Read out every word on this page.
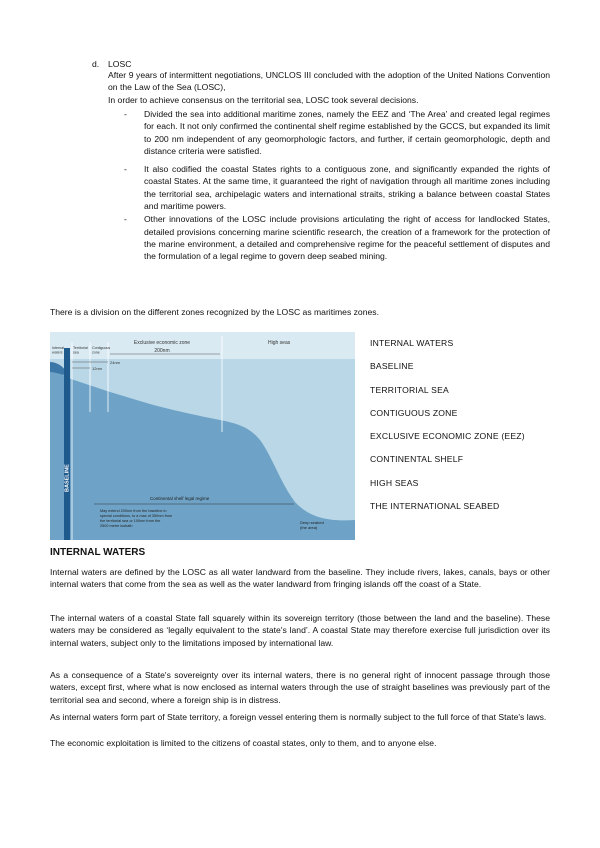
d. LOSC
After 9 years of intermittent negotiations, UNCLOS III concluded with the adoption of the United Nations Convention on the Law of the Sea (LOSC),
In order to achieve consensus on the territorial sea, LOSC took several decisions.
- Divided the sea into additional maritime zones, namely the EEZ and ‘The Area’ and created legal regimes for each. It not only confirmed the continental shelf regime established by the GCCS, but expanded its limit to 200 nm independent of any geomorphologic factors, and further, if certain geomorphologic, depth and distance criteria were satisfied.
- It also codified the coastal States rights to a contiguous zone, and significantly expanded the rights of coastal States. At the same time, it guaranteed the right of navigation through all maritime zones including the territorial sea, archipelagic waters and international straits, striking a balance between coastal States and maritime powers.
- Other innovations of the LOSC include provisions articulating the right of access for landlocked States, detailed provisions concerning marine scientific research, the creation of a framework for the protection of the marine environment, a detailed and comprehensive regime for the peaceful settlement of disputes and the formulation of a legal regime to govern deep seabed mining.
There is a division on the different zones recognized by the LOSC as maritimes zones.
Internal waters
Territorial sea
Contiguous zone
Exclusive economic zone 200nm
High seas
12nm
24nm
BASELINE
Continental shelf legal regime
May extend 200nm from the baseline in special conditions, to a max of 350nm from the territorial sea or 100nm from the 2500 metre isobath
Deep seabed (the area)
INTERNAL WATERS
BASELINE
TERRITORIAL SEA
CONTIGUOUS ZONE
EXCLUSIVE ECONOMIC ZONE (EEZ)
CONTINENTAL SHELF
HIGH SEAS
THE INTERNATIONAL SEABED
INTERNAL WATERS
Internal waters are defined by the LOSC as all water landward from the baseline. They include rivers, lakes, canals, bays or other internal waters that come from the sea as well as the water landward from fringing islands off the coast of a State.
The internal waters of a coastal State fall squarely within its sovereign territory (those between the land and the baseline). These waters may be considered as ‘legally equivalent to the state's land’. A coastal State may therefore exercise full jurisdiction over its internal waters, subject only to the limitations imposed by international law.
As a consequence of a State's sovereignty over its internal waters, there is no general right of innocent passage through those waters, except first, where what is now enclosed as internal waters through the use of straight baselines was previously part of the territorial sea and second, where a foreign ship is in distress.
As internal waters form part of State territory, a foreign vessel entering them is normally subject to the full force of that State's laws.
The economic exploitation is limited to the citizens of coastal states, only to them, and to anyone else.
